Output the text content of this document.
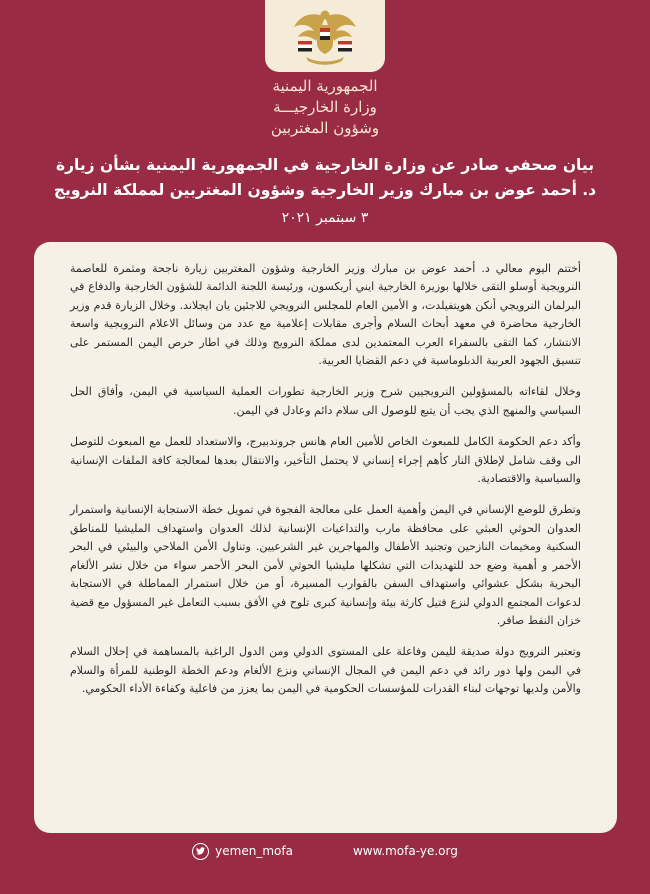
الجمهورية اليمنية
وزارة الخارجيـــة
وشؤون المغتربين
بيان صحفي صادر عن وزارة الخارجية في الجمهورية اليمنية بشأن زيارة
د. أحمد عوض بن مبارك وزير الخارجية وشؤون المغتربين لمملكة النرويج
٣ سبتمبر ٢٠٢١

أختتم اليوم معالي د. أحمد عوض بن مبارك وزير الخارجية وشؤون المغتربين زيارة ناجحة ومثمرة للعاصمة النرويجية أوسلو التقى خلالها بوزيرة الخارجية ايني أريكسون، ورئيسة اللجنة الدائمة للشؤون الخارجية والدفاع في البرلمان النرويجي أنكن هويتفيلدت، و الأمين العام للمجلس النرويجي للاجئين يان ايجلاند. وخلال الزيارة قدم وزير الخارجية محاضرة في معهد أبحاث السلام وأجرى مقابلات إعلامية مع عدد من وسائل الاعلام النرويجية واسعة الانتشار، كما التقى بالسفراء العرب المعتمدين لدى مملكة النرويج وذلك في اطار حرص اليمن المستمر على تنسيق الجهود العربية الدبلوماسية في دعم القضايا العربية.

وخلال لقاءاته بالمسؤولين النرويجيين شرح وزير الخارجية تطورات العملية السياسية في اليمن، وأفاق الحل السياسي والمنهج الذي يجب أن يتبع للوصول الى سلام دائم وعادل في اليمن.

وأكد دعم الحكومة الكامل للمبعوث الخاص للأمين العام هانس جروندبيرج، والاستعداد للعمل مع المبعوث للتوصل الى وقف شامل لإطلاق النار كأهم إجراء إنساني لا يحتمل التأخير، والانتقال بعدها لمعالجة كافة الملفات الإنسانية والسياسية والاقتصادية.

وتطرق للوضع الإنساني في اليمن وأهمية العمل على معالجة الفجوة في تمويل خطة الاستجابة الإنسانية واستمرار العدوان الحوثي العبثي على محافظة مارب والتداعيات الإنسانية لذلك العدوان واستهداف المليشيا للمناطق السكنية ومخيمات النازحين وتجنيد الأطفال والمهاجرين غير الشرعيين. وتناول الأمن الملاحي والبيئي في البحر الأحمر و أهمية وضع حد للتهديدات التي تشكلها مليشيا الحوثي لأمن البحر الأحمر سواء من خلال نشر الألغام البحرية بشكل عشوائي واستهداف السفن بالقوارب المسيرة، أو من خلال استمرار المماطلة في الاستجابة لدعوات المجتمع الدولي لنزع فتيل كارثة بيئة وإنسانية كبرى تلوح في الأفق بسبب التعامل غير المسؤول مع قضية خزان النفط صافر.

وتعتبر النرويج دولة صديقة لليمن وفاعلة على المستوى الدولي ومن الدول الراغبة بالمساهمة في إحلال السلام في اليمن ولها دور رائد في دعم اليمن في المجال الإنساني ونزع الألغام ودعم الخطة الوطنية للمرأة والسلام والأمن ولديها توجهات لبناء القدرات للمؤسسات الحكومية في اليمن بما يعزز من فاعلية وكفاءة الأداء الحكومي.

yemen_mofa	www.mofa-ye.org
